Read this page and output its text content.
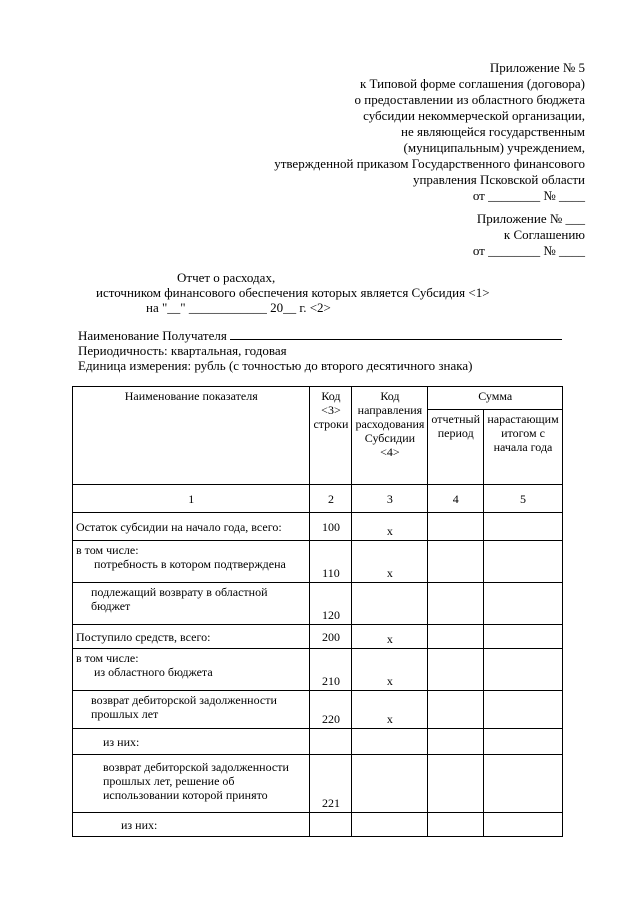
Приложение № 5
к Типовой форме соглашения (договора)
о предоставлении из областного бюджета
субсидии некоммерческой организации,
не являющейся государственным
(муниципальным) учреждением,
утвержденной приказом Государственного финансового
управления Псковской области
от ________ № ____
Приложение № ___
к Соглашению
от ________ № ____
Отчет о расходах,
источником финансового обеспечения которых является Субсидия <1>
на "__" ____________ 20__ г. <2>
Наименование Получателя
Периодичность: квартальная, годовая
Единица измерения: рубль (с точностью до второго десятичного знака)
Наименование показателя	Код <3> строки	Код направления расходования Субсидии <4>	Сумма	
			отчетный период	нарастающим итогом с начала года
1	2	3	4	5
Остаток субсидии на начало года, всего:	100	x		

в том числе:
потребность в котором подтверждена	110	x		
подлежащий возврату в областной бюджет	120			
Поступило средств, всего:	200	x		

в том числе:
из областного бюджета	210	x		
возврат дебиторской задолженности прошлых лет	220	x		
из них:				
возврат дебиторской задолженности прошлых лет, решение об использовании которой принято	221			
из них:				
